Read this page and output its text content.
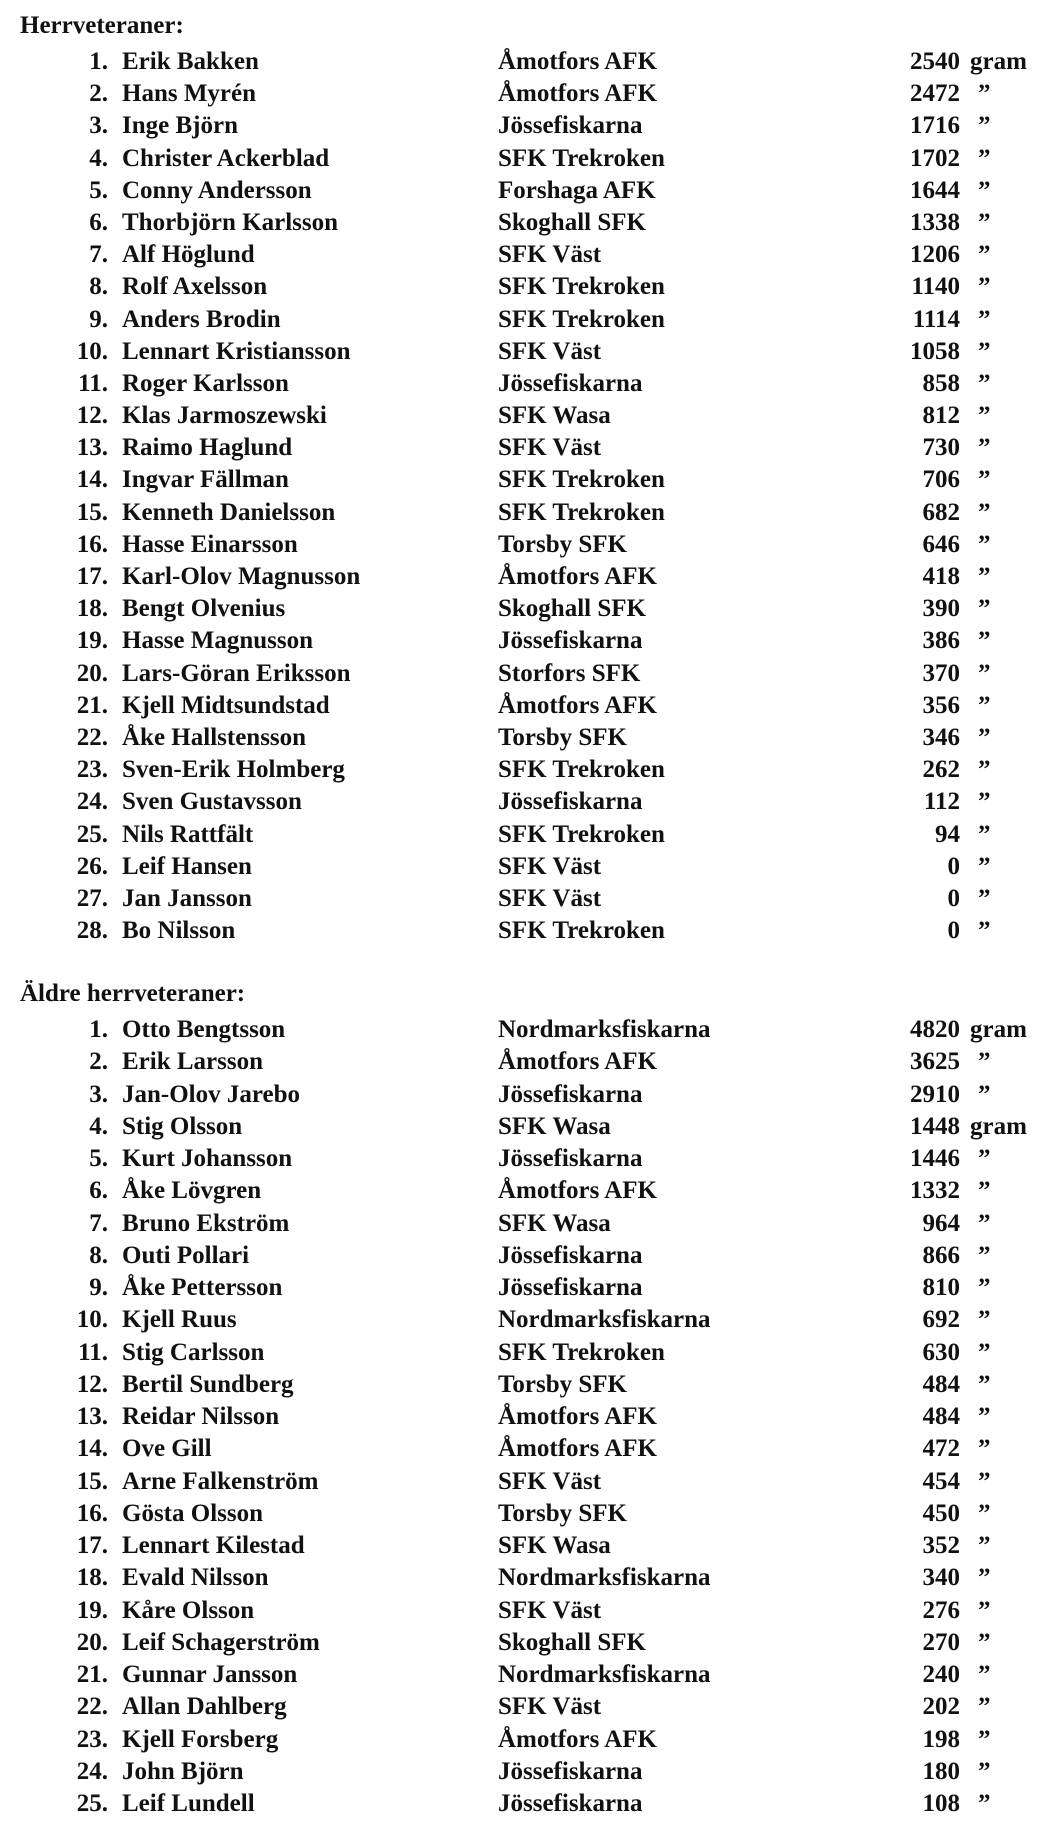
Herrveteraner:
1. Erik Bakken	Åmotfors AFK	2540 gram
2. Hans Myrén	Åmotfors AFK	2472 ”
3. Inge Björn	Jössefiskarna	1716 ”
4. Christer Ackerblad	SFK Trekroken	1702 ”
5. Conny Andersson	Forshaga AFK	1644 ”
6. Thorbjörn Karlsson	Skoghall SFK	1338 ”
7. Alf Höglund	SFK Väst	1206 ”
8. Rolf Axelsson	SFK Trekroken	1140 ”
9. Anders Brodin	SFK Trekroken	1114 ”
10. Lennart Kristiansson	SFK Väst	1058 ”
11. Roger Karlsson	Jössefiskarna	858 ”
12. Klas Jarmoszewski	SFK Wasa	812 ”
13. Raimo Haglund	SFK Väst	730 ”
14. Ingvar Fällman	SFK Trekroken	706 ”
15. Kenneth Danielsson	SFK Trekroken	682 ”
16. Hasse Einarsson	Torsby SFK	646 ”
17. Karl-Olov Magnusson	Åmotfors AFK	418 ”
18. Bengt Olvenius	Skoghall SFK	390 ”
19. Hasse Magnusson	Jössefiskarna	386 ”
20. Lars-Göran Eriksson	Storfors SFK	370 ”
21. Kjell Midtsundstad	Åmotfors AFK	356 ”
22. Åke Hallstensson	Torsby SFK	346 ”
23. Sven-Erik Holmberg	SFK Trekroken	262 ”
24. Sven Gustavsson	Jössefiskarna	112 ”
25. Nils Rattfält	SFK Trekroken	94 ”
26. Leif Hansen	SFK Väst	0 ”
27. Jan Jansson	SFK Väst	0 ”
28. Bo Nilsson	SFK Trekroken	0 ”
Äldre herrveteraner:
1. Otto Bengtsson	Nordmarksfiskarna	4820 gram
2. Erik Larsson	Åmotfors AFK	3625 ”
3. Jan-Olov Jarebo	Jössefiskarna	2910 ”
4. Stig Olsson	SFK Wasa	1448 gram
5. Kurt Johansson	Jössefiskarna	1446 ”
6. Åke Lövgren	Åmotfors AFK	1332 ”
7. Bruno Ekström	SFK Wasa	964 ”
8. Outi Pollari	Jössefiskarna	866 ”
9. Åke Pettersson	Jössefiskarna	810 ”
10. Kjell Ruus	Nordmarksfiskarna	692 ”
11. Stig Carlsson	SFK Trekroken	630 ”
12. Bertil Sundberg	Torsby SFK	484 ”
13. Reidar Nilsson	Åmotfors AFK	484 ”
14. Ove Gill	Åmotfors AFK	472 ”
15. Arne Falkenström	SFK Väst	454 ”
16. Gösta Olsson	Torsby SFK	450 ”
17. Lennart Kilestad	SFK Wasa	352 ”
18. Evald Nilsson	Nordmarksfiskarna	340 ”
19. Kåre Olsson	SFK Väst	276 ”
20. Leif Schagerström	Skoghall SFK	270 ”
21. Gunnar Jansson	Nordmarksfiskarna	240 ”
22. Allan Dahlberg	SFK Väst	202 ”
23. Kjell Forsberg	Åmotfors AFK	198 ”
24. John Björn	Jössefiskarna	180 ”
25. Leif Lundell	Jössefiskarna	108 ”
